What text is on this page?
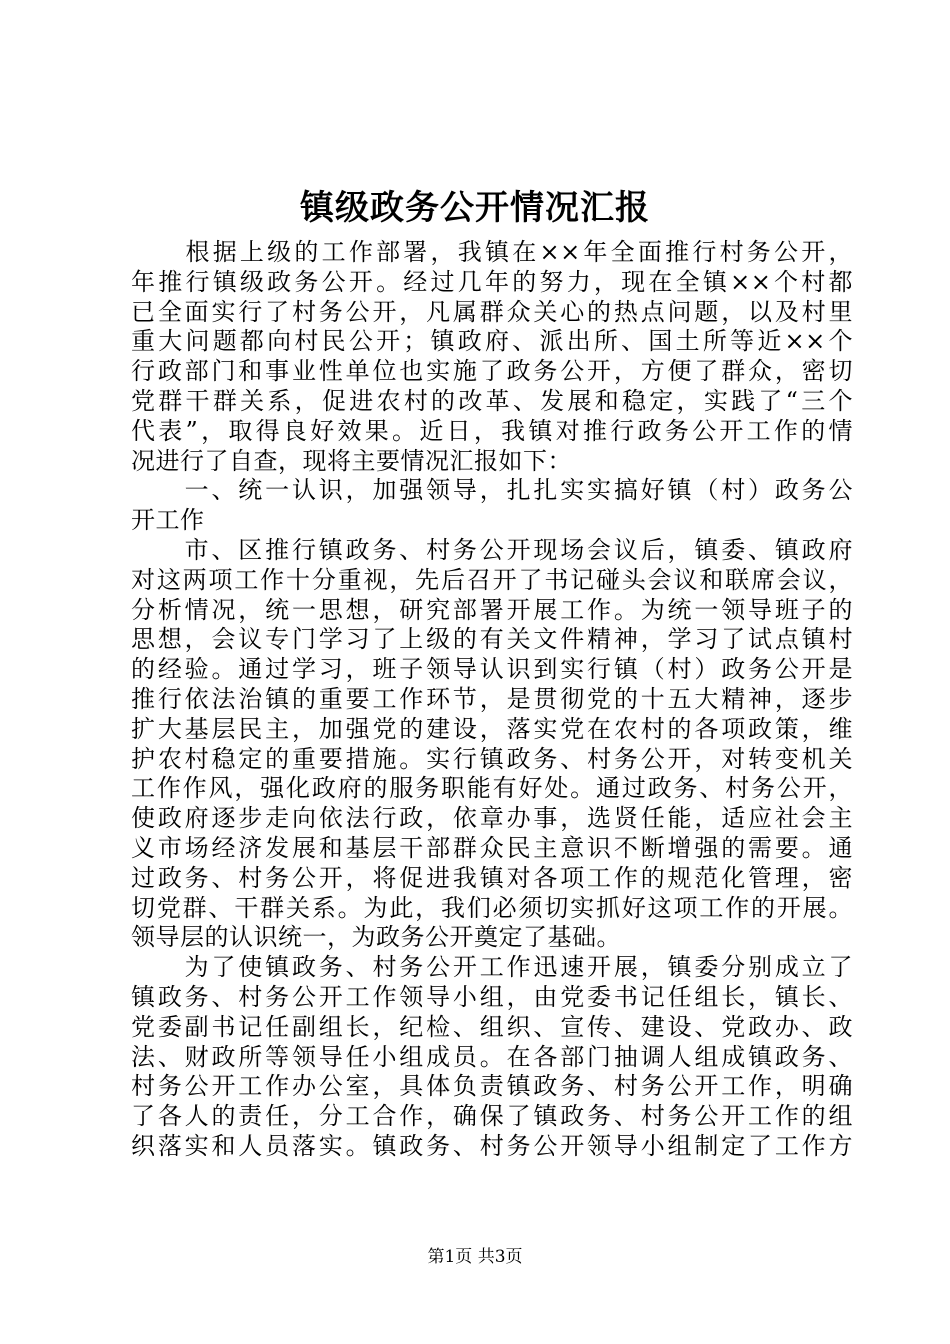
镇级政务公开情况汇报
　　根据上级的工作部署，我镇在××年全面推行村务公开，
年推行镇级政务公开。经过几年的努力，现在全镇××个村都
已全面实行了村务公开，凡属群众关心的热点问题，以及村里
重大问题都向村民公开；镇政府、派出所、国土所等近××个
行政部门和事业性单位也实施了政务公开，方便了群众，密切
党群干群关系，促进农村的改革、发展和稳定，实践了“三个
代表”，取得良好效果。近日，我镇对推行政务公开工作的情
况进行了自查，现将主要情况汇报如下：
　　一、统一认识，加强领导，扎扎实实搞好镇（村）政务公
开工作
　　市、区推行镇政务、村务公开现场会议后，镇委、镇政府
对这两项工作十分重视，先后召开了书记碰头会议和联席会议，
分析情况，统一思想，研究部署开展工作。为统一领导班子的
思想，会议专门学习了上级的有关文件精神，学习了试点镇村
的经验。通过学习，班子领导认识到实行镇（村）政务公开是
推行依法治镇的重要工作环节，是贯彻党的十五大精神，逐步
扩大基层民主，加强党的建设，落实党在农村的各项政策，维
护农村稳定的重要措施。实行镇政务、村务公开，对转变机关
工作作风，强化政府的服务职能有好处。通过政务、村务公开，
使政府逐步走向依法行政，依章办事，选贤任能，适应社会主
义市场经济发展和基层干部群众民主意识不断增强的需要。通
过政务、村务公开，将促进我镇对各项工作的规范化管理，密
切党群、干群关系。为此，我们必须切实抓好这项工作的开展。
领导层的认识统一，为政务公开奠定了基础。
　　为了使镇政务、村务公开工作迅速开展，镇委分别成立了
镇政务、村务公开工作领导小组，由党委书记任组长，镇长、
党委副书记任副组长，纪检、组织、宣传、建设、党政办、政
法、财政所等领导任小组成员。在各部门抽调人组成镇政务、
村务公开工作办公室，具体负责镇政务、村务公开工作，明确
了各人的责任，分工合作，确保了镇政务、村务公开工作的组
织落实和人员落实。镇政务、村务公开领导小组制定了工作方
第1页 共3页
